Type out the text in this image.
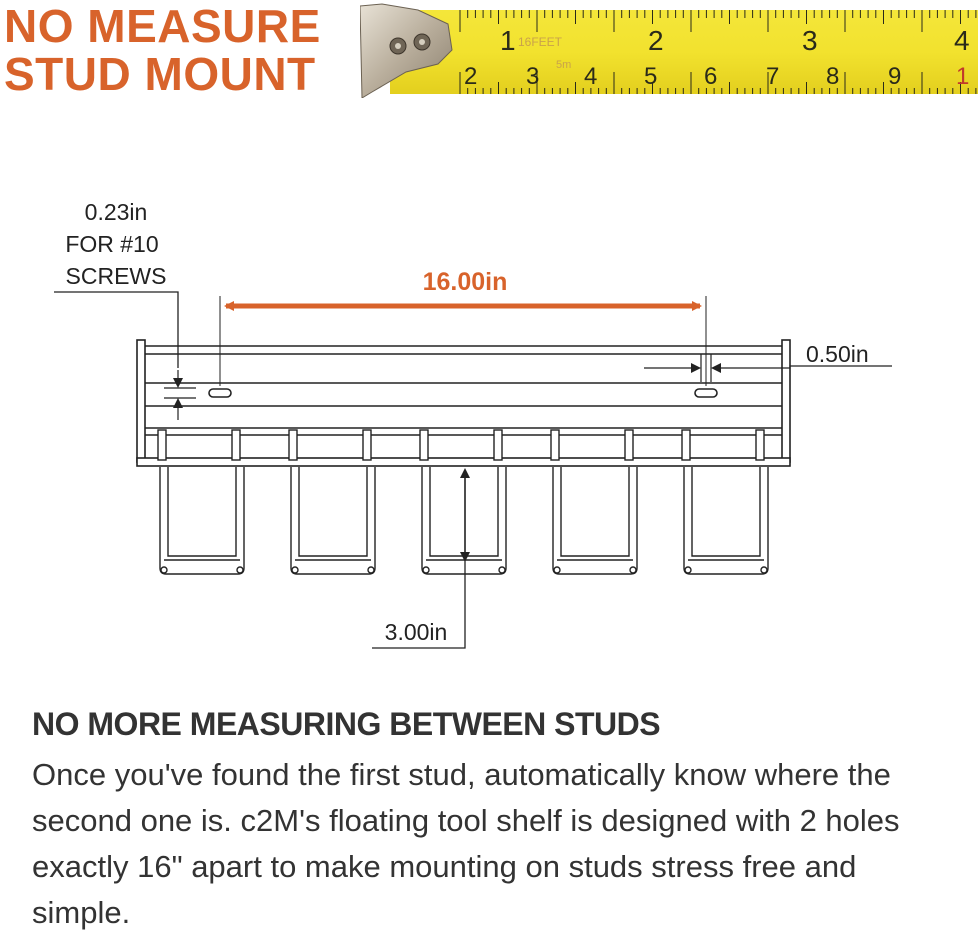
NO MEASURE
STUD MOUNT
16FEET
5m
1	2	3	4
2 3 4 5 6 7 8 9 1
0.23in
FOR #10
SCREWS	16.00in
0.50in
3.00in
NO MORE MEASURING BETWEEN STUDS

Once you've found the first stud, automatically know where the second one is. c2M's floating tool shelf is designed with 2 holes exactly 16" apart to make mounting on studs stress free and simple.
